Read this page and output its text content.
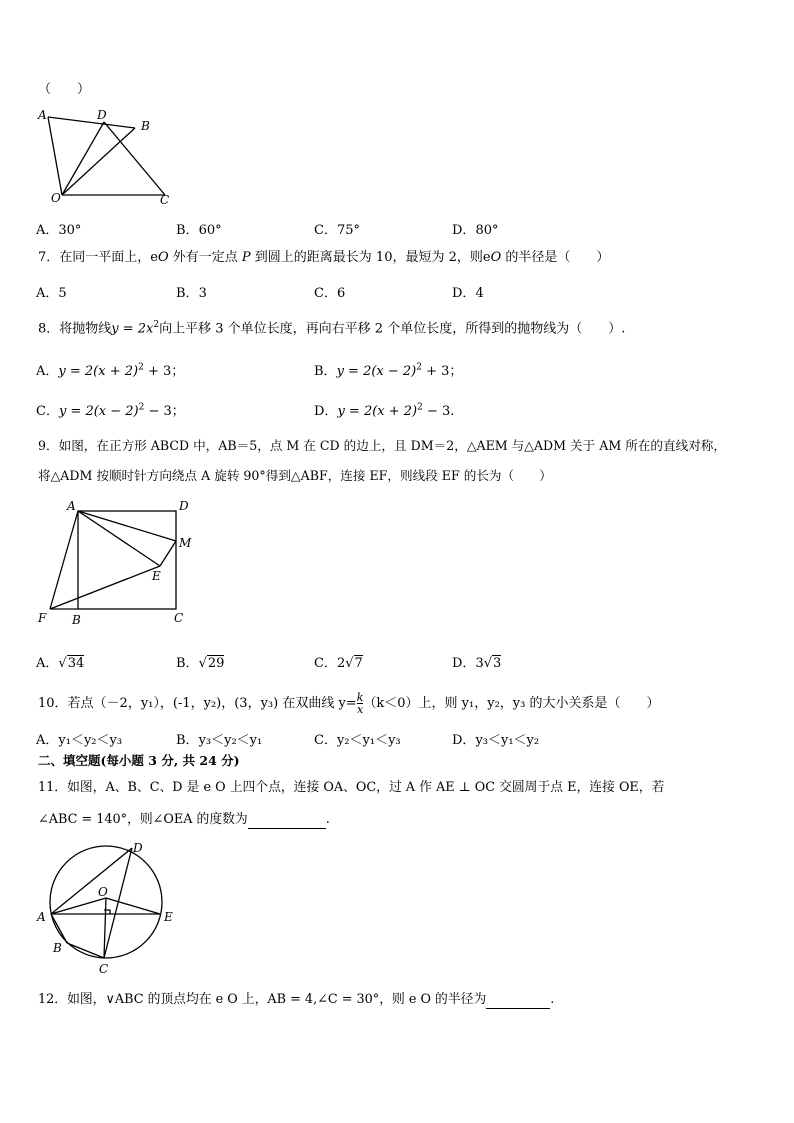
（　　）
A	D
B
O	C
A．30°	B．60°	C．75°	D．80°
7．在同一平面上，eO 外有一定点 P 到圆上的距离最长为 10，最短为 2，则eO 的半径是（　　）
A．5	B．3	C．6	D．4
8．将抛物线$y = 2x^2$向上平移 3 个单位长度，再向右平移 2 个单位长度，所得到的抛物线为（　　）.
A．$y = 2(x + 2)^2 + 3$；	B．$y = 2(x - 2)^2 + 3$；
C．$y = 2(x - 2)^2 - 3$；	D．$y = 2(x + 2)^2 - 3$.
9．如图，在正方形 ABCD 中，AB＝5，点 M 在 CD 的边上，且 DM＝2，△AEM 与△ADM 关于 AM 所在的直线对称，
将△ADM 按顺时针方向绕点 A 旋转 90°得到△ABF，连接 EF，则线段 EF 的长为（　　）
A	D
M
E
F B	C
A．√34	B．√29	C．2√7	D．3√3
10．若点（－2，y₁），(-1，y₂)，(3，y₃) 在双曲线 $y= \frac{k}{x} (k<0)$上，则 y₁，y₂，y₃ 的大小关系是（　　）
A．y₁＜y₂＜y₃	B．y₃＜y₂＜y₁	C．y₂＜y₁＜y₃	D．y₃＜y₁＜y₂
二、填空题(每小题 3 分, 共 24 分)
11．如图，A、B、C、D 是 e O 上四个点，连接 OA、OC，过 A 作 AE ⊥ OC 交圆周于点 E，连接 OE，若
∠ABC = 140°，则∠OEA 的度数为	.
D
O
A	E
B
C
12．如图，∨ABC 的顶点均在 e O 上，AB = 4,∠C = 30°，则 e O 的半径为	.
